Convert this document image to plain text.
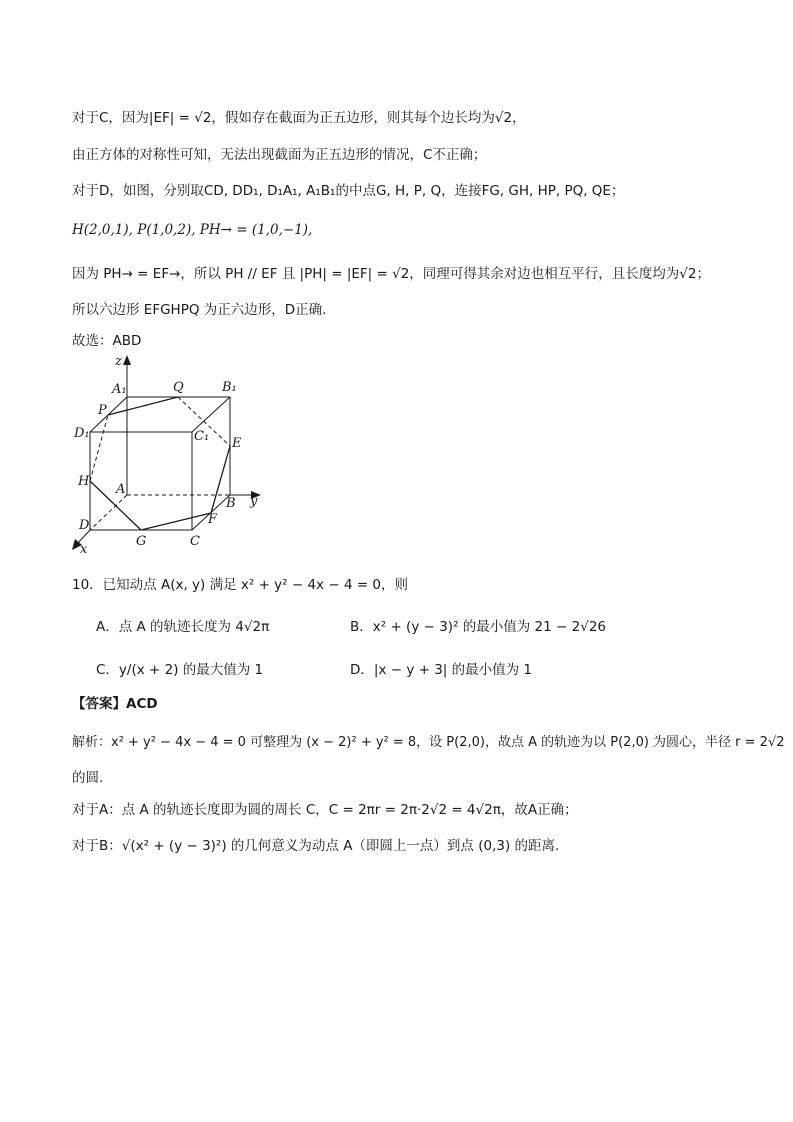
对于C，因为|EF| = √2，假如存在截面为正五边形，则其每个边长均为√2，
由正方体的对称性可知，无法出现截面为正五边形的情况，C不正确；
对于D，如图，分别取CD, DD₁, D₁A₁, A₁B₁的中点G, H, P, Q，连接FG, GH, HP, PQ, QE；
H(2,0,1), P(1,0,2), PH→ = (1,0,−1),
因为 PH→ = EF→，所以 PH // EF 且 |PH| = |EF| = √2，同理可得其余对边也相互平行，且长度均为√2；
所以六边形 EFGHPQ 为正六边形，D正确.
故选：ABD
z
A₁	Q	B₁
P
D₁	C₁ E
H
A
y
B
F
D
G	C
x
10．已知动点 A(x, y) 满足 x² + y² − 4x − 4 = 0，则
A．点 A 的轨迹长度为 4√2π	B．x² + (y − 3)² 的最小值为 21 − 2√26
C．y/(x + 2) 的最大值为 1	D．|x − y + 3| 的最小值为 1
【答案】ACD
解析：x² + y² − 4x − 4 = 0 可整理为 (x − 2)² + y² = 8，设 P(2,0)，故点 A 的轨迹为以 P(2,0) 为圆心，半径 r = 2√2
的圆.
对于A：点 A 的轨迹长度即为圆的周长 C，C = 2πr = 2π·2√2 = 4√2π，故A正确；
对于B：√(x² + (y − 3)²) 的几何意义为动点 A（即圆上一点）到点 (0,3) 的距离.
